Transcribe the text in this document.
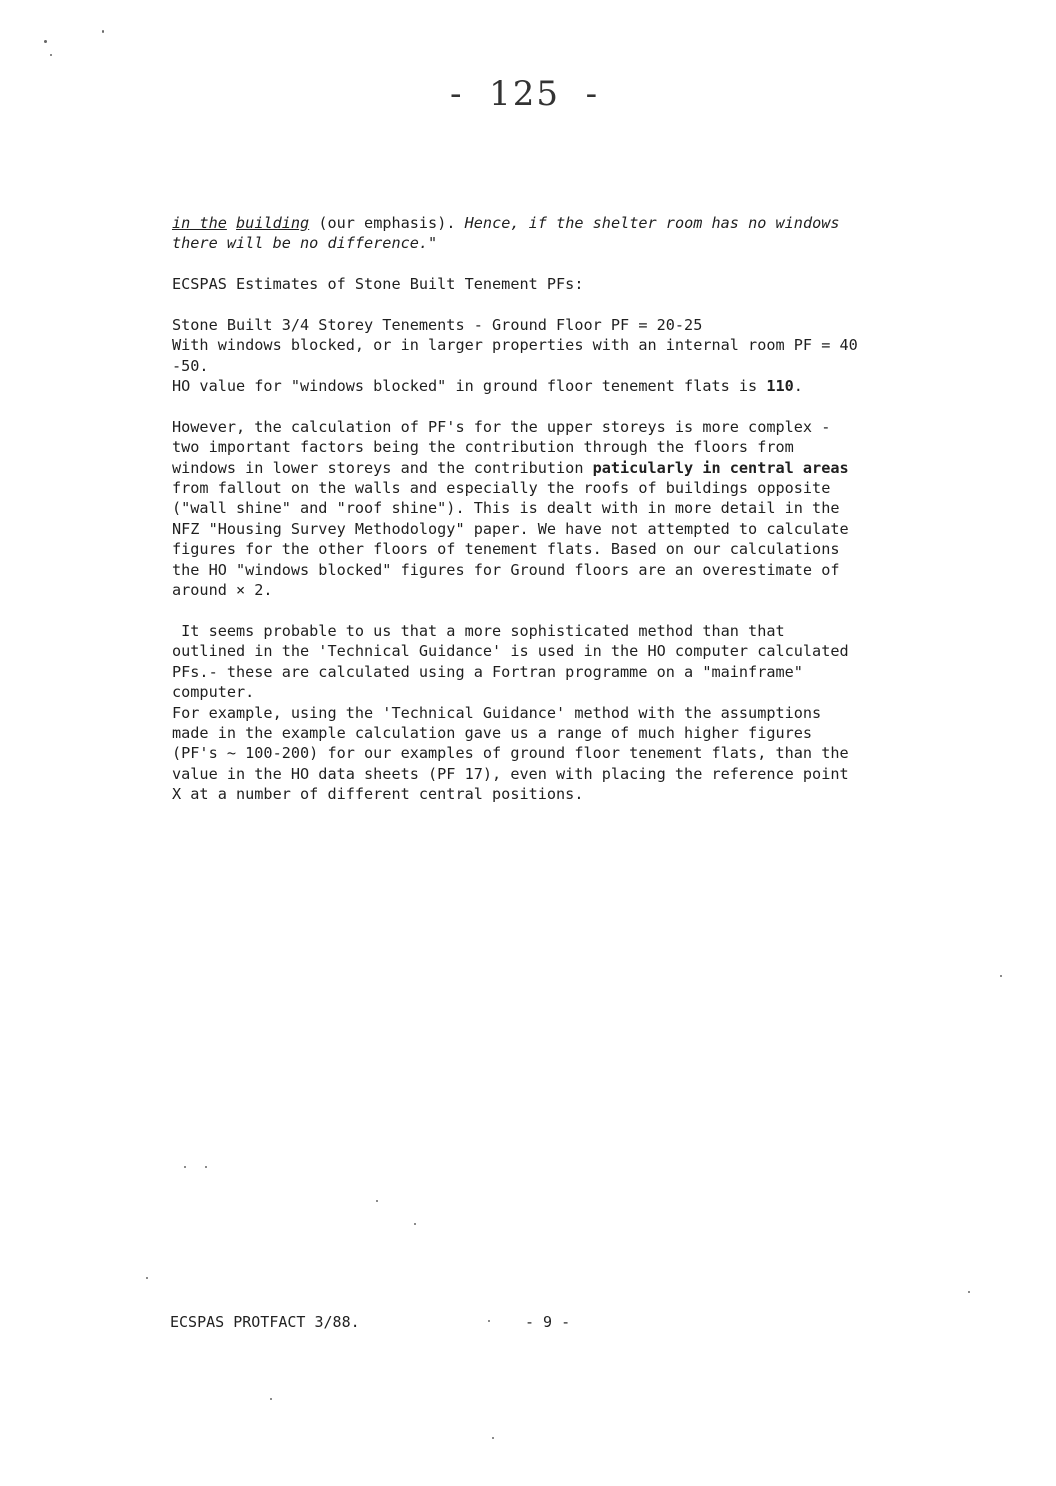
-  125  -

in the building (our emphasis). Hence, if the shelter room has no windows
there will be no difference."
ECSPAS Estimates of Stone Built Tenement PFs:
Stone Built 3/4 Storey Tenements - Ground Floor PF = 20-25
With windows blocked, or in larger properties with an internal room PF = 40
-50.
HO value for "windows blocked" in ground floor tenement flats is 110.
However, the calculation of PF's for the upper storeys is more complex -
two important factors being the contribution through the floors from
windows in lower storeys and the contribution paticularly in central areas
from fallout on the walls and especially the roofs of buildings opposite
("wall shine" and "roof shine"). This is dealt with in more detail in the
NFZ "Housing Survey Methodology" paper. We have not attempted to calculate
figures for the other floors of tenement flats. Based on our calculations
the HO "windows blocked" figures for Ground floors are an overestimate of
around × 2.
It seems probable to us that a more sophisticated method than that
outlined in the 'Technical Guidance' is used in the HO computer calculated
PFs.- these are calculated using a Fortran programme on a "mainframe"
computer.
For example, using the 'Technical Guidance' method with the assumptions
made in the example calculation gave us a range of much higher figures
(PF's ~ 100-200) for our examples of ground floor tenement flats, than the
value in the HO data sheets (PF 17), even with placing the reference point
X at a number of different central positions.
ECSPAS PROTFACT 3/88.	- 9 -
